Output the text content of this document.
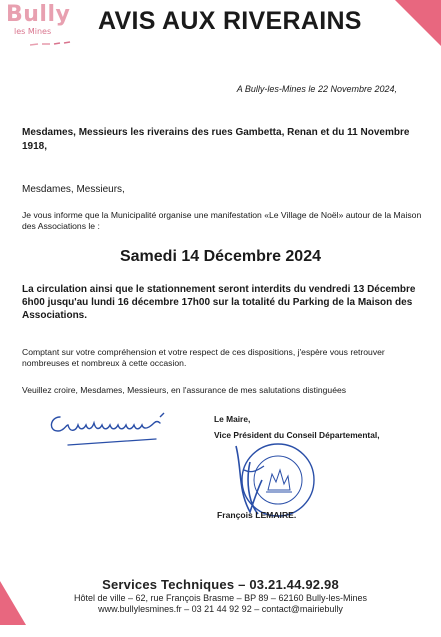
Bully
les Mines AVIS AUX RIVERAINS
A Bully-les-Mines le 22 Novembre 2024,
Mesdames, Messieurs les riverains des rues Gambetta, Renan et du 11 Novembre 1918,
Mesdames, Messieurs,
Je vous informe que la Municipalité organise une manifestation «Le Village de Noël» autour de la Maison des Associations le :
Samedi 14 Décembre 2024
La circulation ainsi que le stationnement seront interdits du vendredi 13 Décembre 6h00 jusqu'au lundi 16 décembre 17h00 sur la totalité du Parking de la Maison des Associations.
Comptant sur votre compréhension et votre respect de ces dispositions, j'espère vous retrouver nombreuses et nombreux à cette occasion.
Veuillez croire, Mesdames, Messieurs, en l'assurance de mes salutations distinguées
Le Maire,
Vice Président du Conseil Départemental,
François LEMAIRE.
Services Techniques – 03.21.44.92.98
Hôtel de ville – 62, rue François Brasme – BP 89 – 62160 Bully-les-Mines
www.bullylesmines.fr – 03 21 44 92 92 – contact@mairiebully
